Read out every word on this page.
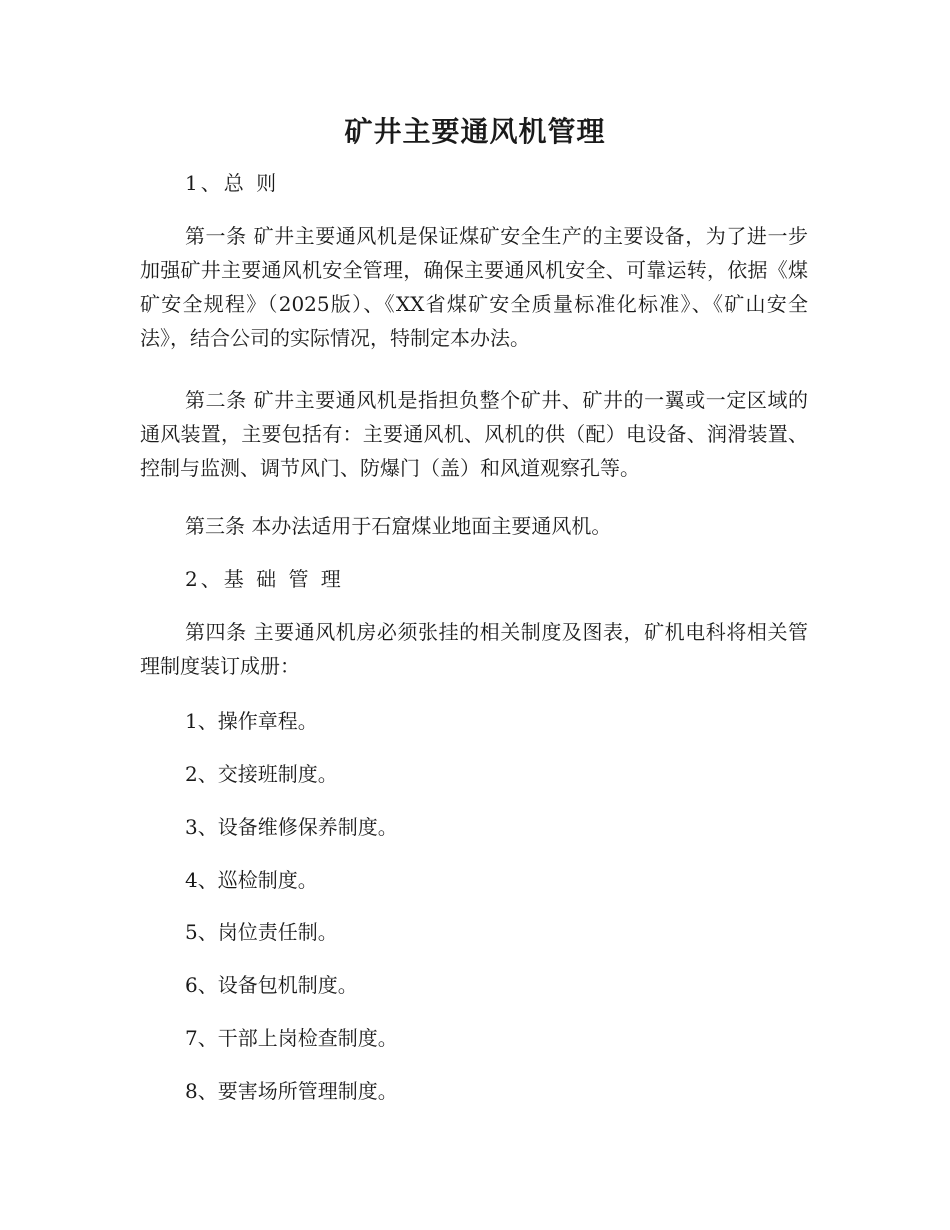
矿井主要通风机管理

1、总 则

第一条 矿井主要通风机是保证煤矿安全生产的主要设备，为了进一步加强矿井主要通风机安全管理，确保主要通风机安全、可靠运转，依据《煤矿安全规程》（2025版）、《XX省煤矿安全质量标准化标准》、《矿山安全法》，结合公司的实际情况，特制定本办法。

第二条 矿井主要通风机是指担负整个矿井、矿井的一翼或一定区域的通风装置，主要包括有：主要通风机、风机的供（配）电设备、润滑装置、控制与监测、调节风门、防爆门（盖）和风道观察孔等。

第三条 本办法适用于石窟煤业地面主要通风机。

2、基 础 管 理

第四条 主要通风机房必须张挂的相关制度及图表，矿机电科将相关管理制度装订成册：

1、操作章程。

2、交接班制度。

3、设备维修保养制度。

4、巡检制度。

5、岗位责任制。

6、设备包机制度。

7、干部上岗检查制度。

8、要害场所管理制度。
